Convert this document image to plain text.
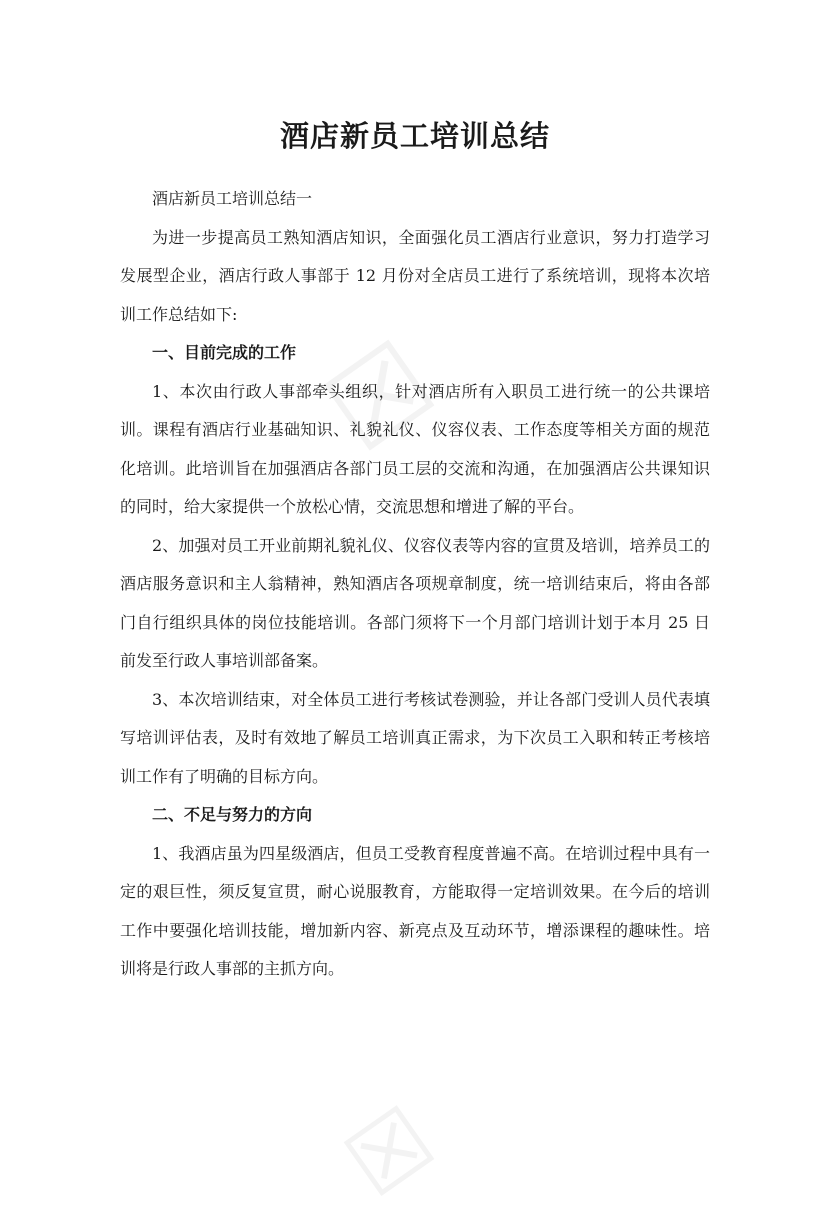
☒
☒
酒店新员工培训总结

酒店新员工培训总结一

为进一步提高员工熟知酒店知识，全面强化员工酒店行业意识，努力打造学习发展型企业，酒店行政人事部于 12 月份对全店员工进行了系统培训，现将本次培训工作总结如下:

一、目前完成的工作

1、本次由行政人事部牵头组织，针对酒店所有入职员工进行统一的公共课培训。课程有酒店行业基础知识、礼貌礼仪、仪容仪表、工作态度等相关方面的规范化培训。此培训旨在加强酒店各部门员工层的交流和沟通，在加强酒店公共课知识的同时，给大家提供一个放松心情，交流思想和增进了解的平台。

2、加强对员工开业前期礼貌礼仪、仪容仪表等内容的宣贯及培训，培养员工的酒店服务意识和主人翁精神，熟知酒店各项规章制度，统一培训结束后，将由各部门自行组织具体的岗位技能培训。各部门须将下一个月部门培训计划于本月 25 日前发至行政人事培训部备案。

3、本次培训结束，对全体员工进行考核试卷测验，并让各部门受训人员代表填写培训评估表，及时有效地了解员工培训真正需求，为下次员工入职和转正考核培训工作有了明确的目标方向。

二、不足与努力的方向

1、我酒店虽为四星级酒店，但员工受教育程度普遍不高。在培训过程中具有一定的艰巨性，须反复宣贯，耐心说服教育，方能取得一定培训效果。在今后的培训工作中要强化培训技能，增加新内容、新亮点及互动环节，增添课程的趣味性。培训将是行政人事部的主抓方向。
